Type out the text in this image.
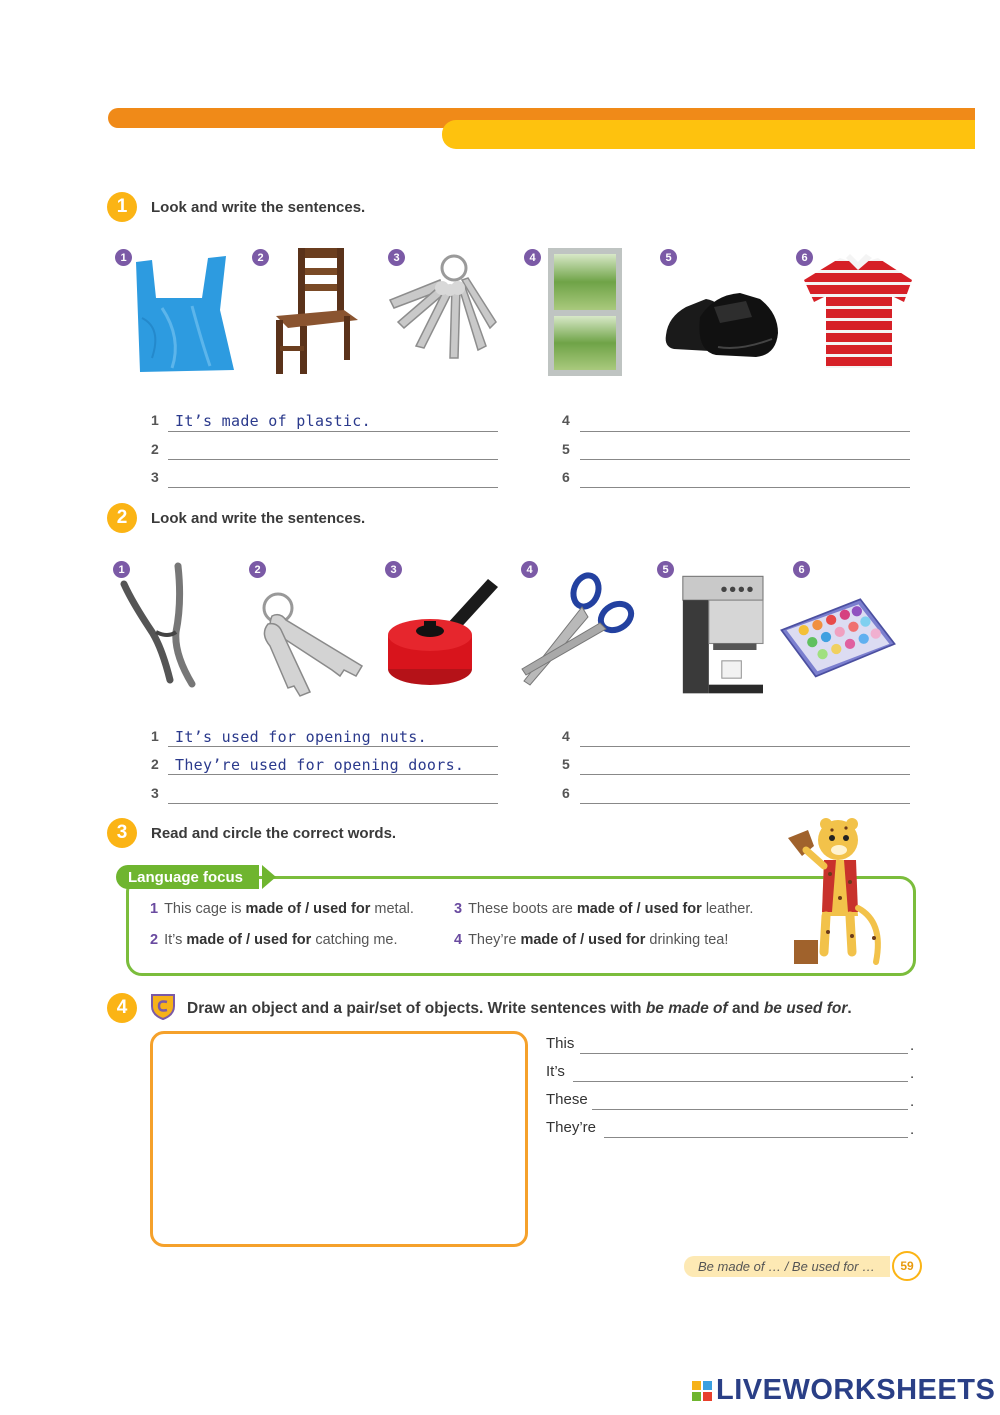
1	Look and write the sentences.
1	2	3	4	5	6
1	It’s made of plastic.
2
3
4
5
6
2	Look and write the sentences.
1	2	3	4	5	6
1	It’s used for opening nuts.
2	They’re used for opening doors.
3
4
5
6
3	Read and circle the correct words.
Language focus
1 This cage is made of / used for metal.
2 It’s made of / used for catching me.
3 These boots are made of / used for leather.
4 They’re made of / used for drinking tea!
4	Draw an object and a pair/set of objects. Write sentences with be made of and be used for.
This	.
It’s	.
These	.
They’re	.
Be made of … / Be used for …	59
LIVEWORKSHEETS
